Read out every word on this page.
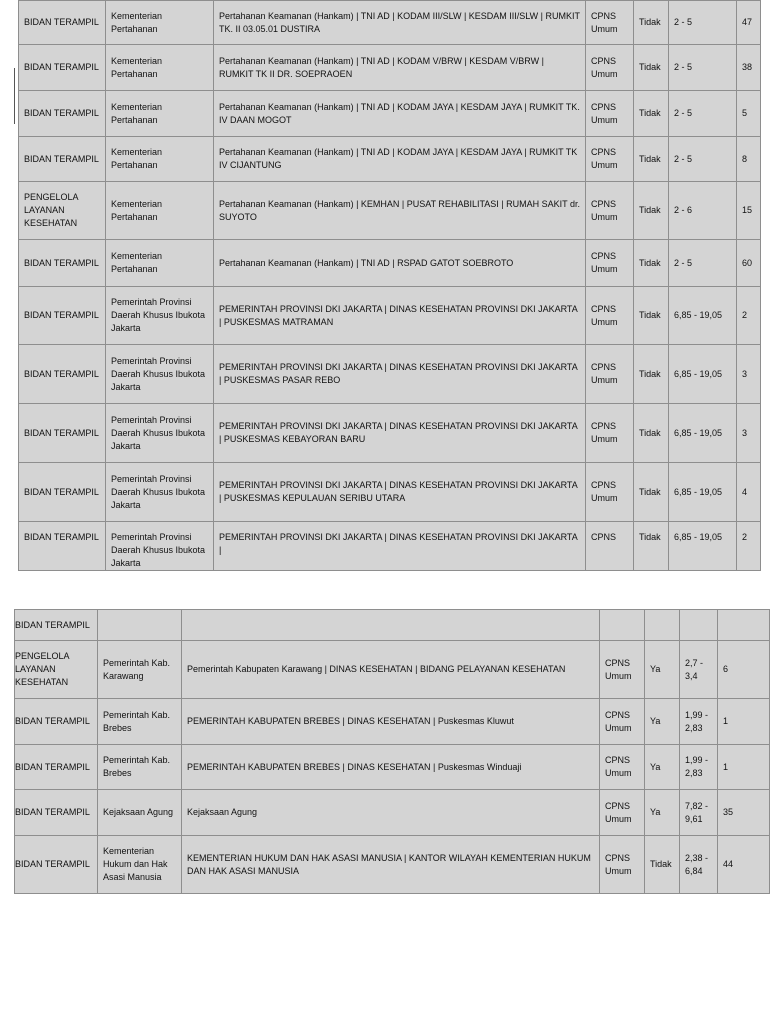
BIDAN TERAMPIL	Kementerian Pertahanan	Pertahanan Keamanan (Hankam) | TNI AD | KODAM III/SLW | KESDAM III/SLW | RUMKIT TK. II 03.05.01 DUSTIRA	CPNS Umum	Tidak	2 - 5	47
BIDAN TERAMPIL	Kementerian Pertahanan	Pertahanan Keamanan (Hankam) | TNI AD | KODAM V/BRW | KESDAM V/BRW | RUMKIT TK II DR. SOEPRAOEN	CPNS Umum	Tidak	2 - 5	38
BIDAN TERAMPIL	Kementerian Pertahanan	Pertahanan Keamanan (Hankam) | TNI AD | KODAM JAYA | KESDAM JAYA | RUMKIT TK. IV DAAN MOGOT	CPNS Umum	Tidak	2 - 5	5
BIDAN TERAMPIL	Kementerian Pertahanan	Pertahanan Keamanan (Hankam) | TNI AD | KODAM JAYA | KESDAM JAYA | RUMKIT TK IV CIJANTUNG	CPNS Umum	Tidak	2 - 5	8
PENGELOLA LAYANAN KESEHATAN	Kementerian Pertahanan	Pertahanan Keamanan (Hankam) | KEMHAN | PUSAT REHABILITASI | RUMAH SAKIT dr. SUYOTO	CPNS Umum	Tidak	2 - 6	15
BIDAN TERAMPIL	Kementerian Pertahanan	Pertahanan Keamanan (Hankam) | TNI AD | RSPAD GATOT SOEBROTO	CPNS Umum	Tidak	2 - 5	60
BIDAN TERAMPIL	Pemerintah Provinsi Daerah Khusus Ibukota Jakarta	PEMERINTAH PROVINSI DKI JAKARTA | DINAS KESEHATAN PROVINSI DKI JAKARTA | PUSKESMAS MATRAMAN	CPNS Umum	Tidak	6,85 - 19,05	2
BIDAN TERAMPIL	Pemerintah Provinsi Daerah Khusus Ibukota Jakarta	PEMERINTAH PROVINSI DKI JAKARTA | DINAS KESEHATAN PROVINSI DKI JAKARTA | PUSKESMAS PASAR REBO	CPNS Umum	Tidak	6,85 - 19,05	3
BIDAN TERAMPIL	Pemerintah Provinsi Daerah Khusus Ibukota Jakarta	PEMERINTAH PROVINSI DKI JAKARTA | DINAS KESEHATAN PROVINSI DKI JAKARTA | PUSKESMAS KEBAYORAN BARU	CPNS Umum	Tidak	6,85 - 19,05	3
BIDAN TERAMPIL	Pemerintah Provinsi Daerah Khusus Ibukota Jakarta	PEMERINTAH PROVINSI DKI JAKARTA | DINAS KESEHATAN PROVINSI DKI JAKARTA | PUSKESMAS KEPULAUAN SERIBU UTARA	CPNS Umum	Tidak	6,85 - 19,05	4
BIDAN TERAMPIL	Pemerintah Provinsi Daerah Khusus Ibukota Jakarta	PEMERINTAH PROVINSI DKI JAKARTA | DINAS KESEHATAN PROVINSI DKI JAKARTA |	CPNS	Tidak	6,85 - 19,05	2
BIDAN TERAMPIL						
PENGELOLA LAYANAN KESEHATAN	Pemerintah Kab. Karawang	Pemerintah Kabupaten Karawang | DINAS KESEHATAN | BIDANG PELAYANAN KESEHATAN	CPNS Umum	Ya	2,7 - 3,4	6
BIDAN TERAMPIL	Pemerintah Kab. Brebes	PEMERINTAH KABUPATEN BREBES | DINAS KESEHATAN | Puskesmas Kluwut	CPNS Umum	Ya	1,99 - 2,83	1
BIDAN TERAMPIL	Pemerintah Kab. Brebes	PEMERINTAH KABUPATEN BREBES | DINAS KESEHATAN | Puskesmas Winduaji	CPNS Umum	Ya	1,99 - 2,83	1
BIDAN TERAMPIL	Kejaksaan Agung	Kejaksaan Agung	CPNS Umum	Ya	7,82 - 9,61	35
BIDAN TERAMPIL	Kementerian Hukum dan Hak Asasi Manusia	KEMENTERIAN HUKUM DAN HAK ASASI MANUSIA | KANTOR WILAYAH KEMENTERIAN HUKUM DAN HAK ASASI MANUSIA	CPNS Umum	Tidak	2,38 - 6,84	44
